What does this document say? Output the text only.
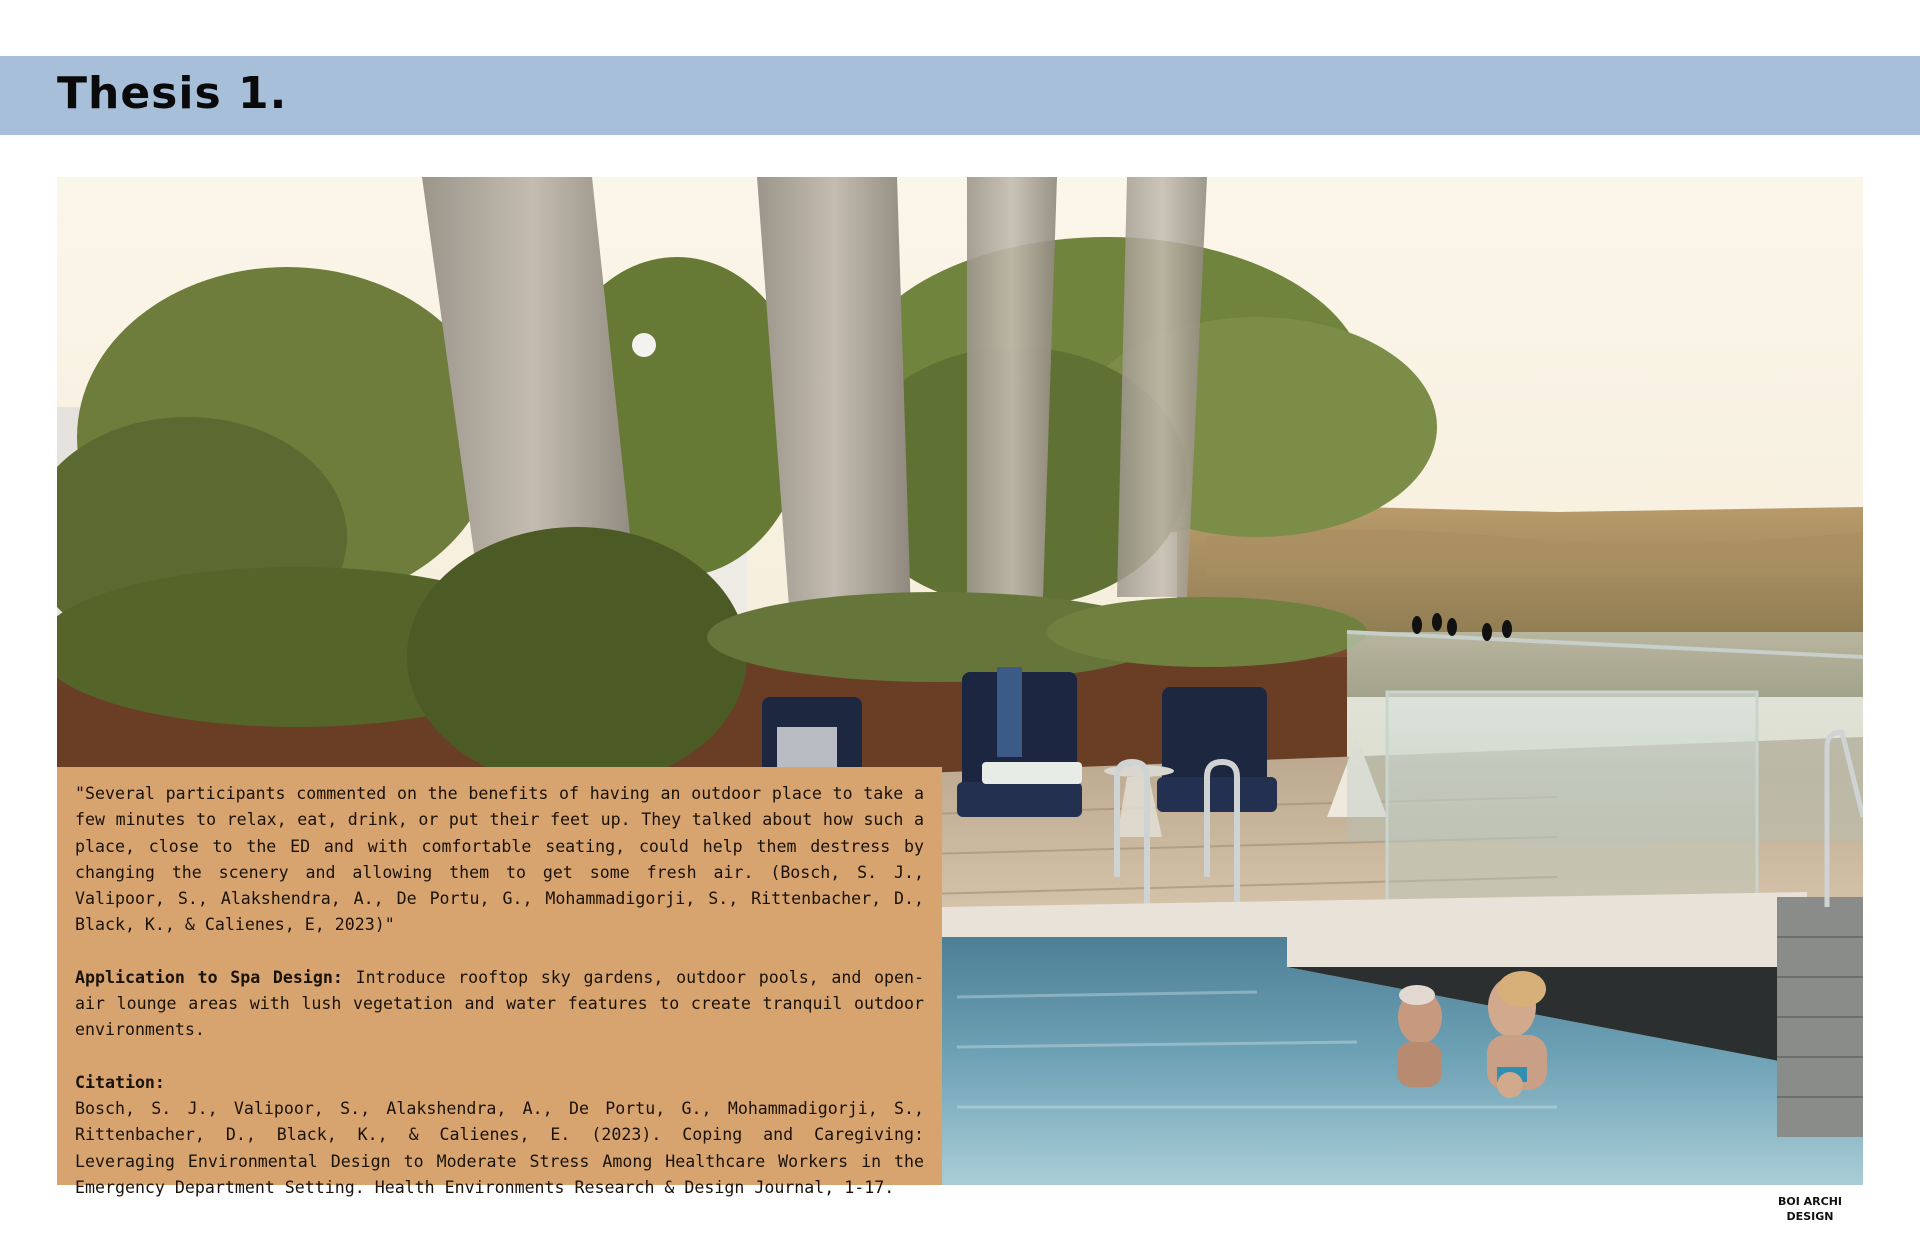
Thesis 1.

"Several participants commented on the benefits of having an outdoor place to take a few minutes to relax, eat, drink, or put their feet up. They talked about how such a place, close to the ED and with comfortable seating, could help them destress by changing the scenery and allowing them to get some fresh air. (Bosch, S. J., Valipoor, S., Alakshendra, A., De Portu, G., Mohammadigorji, S., Rittenbacher, D., Black, K., & Calienes, E, 2023)"

Application to Spa Design: Introduce rooftop sky gardens, outdoor pools, and open-air lounge areas with lush vegetation and water features to create tranquil outdoor environments.

Citation:

Bosch, S. J., Valipoor, S., Alakshendra, A., De Portu, G., Mohammadigorji, S., Rittenbacher, D., Black, K., & Calienes, E. (2023). Coping and Caregiving: Leveraging Environmental Design to Moderate Stress Among Healthcare Workers in the Emergency Department Setting. Health Environments Research & Design Journal, 1-17.

BOI ARCHI
DESIGN
